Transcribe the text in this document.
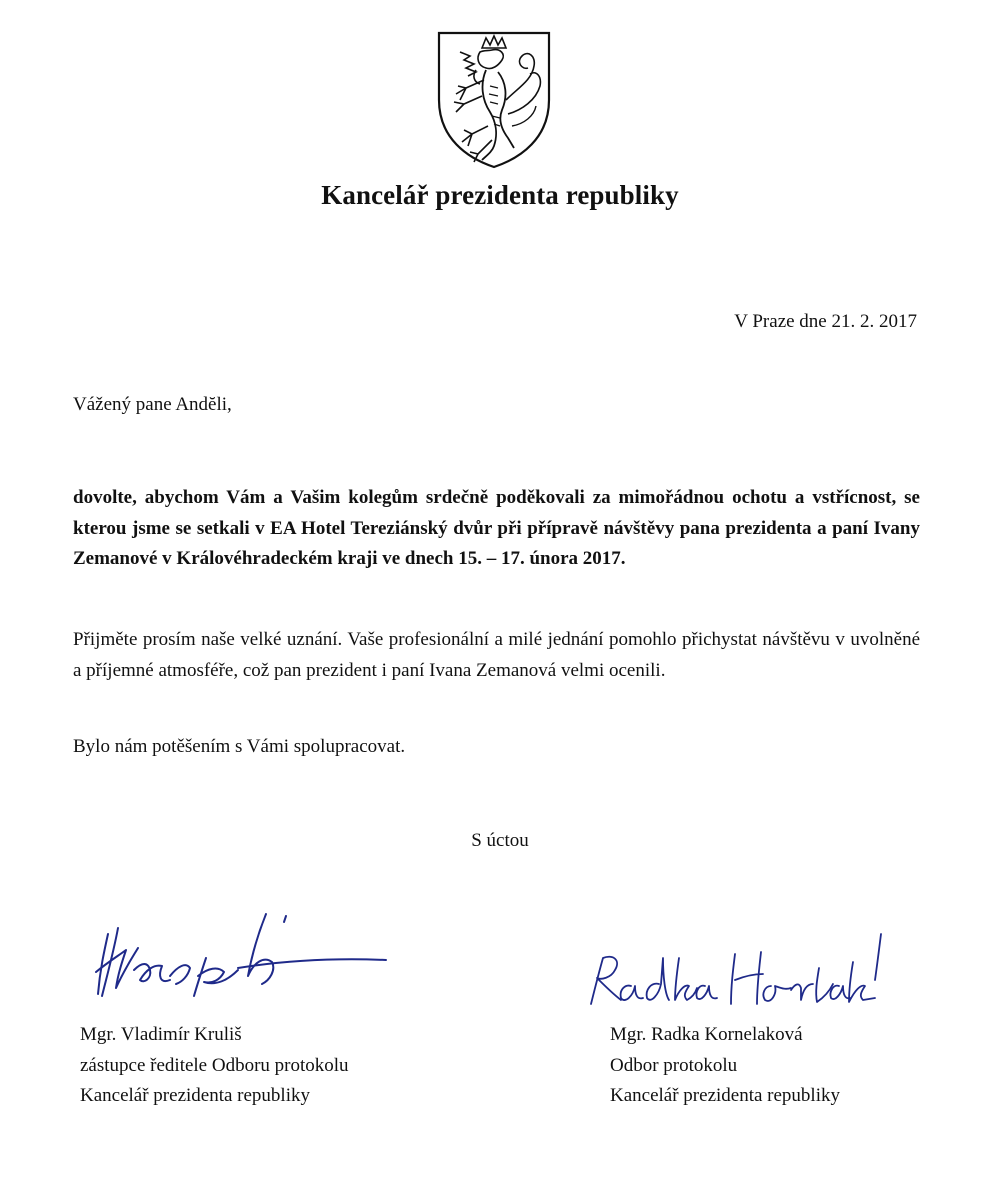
Kancelář prezidenta republiky
V Praze dne 21. 2. 2017
Vážený pane Andĕli,
dovolte, abychom Vám a Vašim kolegům srdečně poděkovali za mimořádnou ochotu a vstřícnost, se kterou jsme se setkali v EA Hotel Tereziánský dvůr při přípravě návštěvy pana prezidenta a paní Ivany Zemanové v Královéhradeckém kraji ve dnech 15. – 17. února 2017.
Přijměte prosím naše velké uznání. Vaše profesionální a milé jednání pomohlo přichystat návštěvu v uvolněné a příjemné atmosféře, což pan prezident i paní Ivana Zemanová velmi ocenili.
Bylo nám potěšením s Vámi spolupracovat.
S úctou
Mgr. Vladimír Kruliš
zástupce ředitele Odboru protokolu
Kancelář prezidenta republiky
Mgr. Radka Kornelaková
Odbor protokolu
Kancelář prezidenta republiky
